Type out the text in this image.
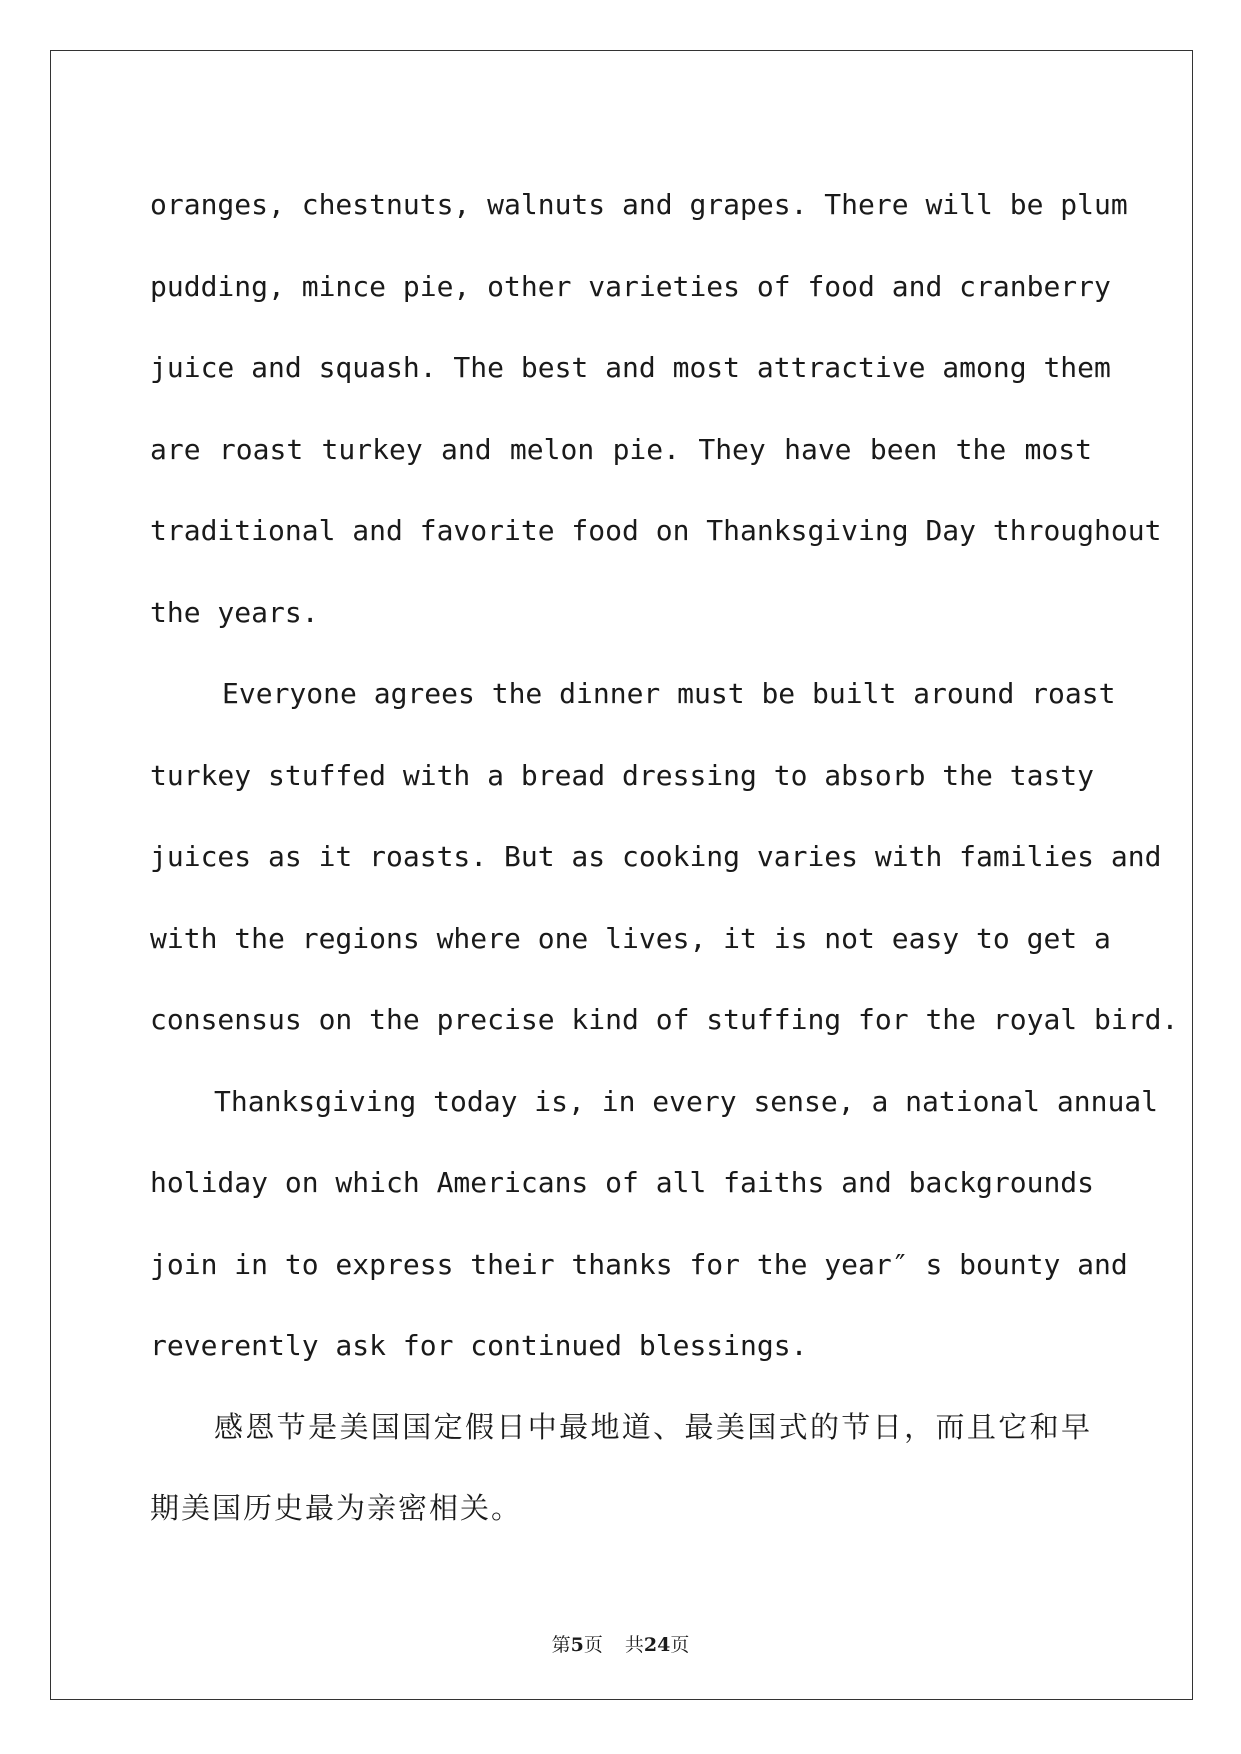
oranges, chestnuts, walnuts and grapes. There will be plum
pudding, mince pie, other varieties of food and cranberry
juice and squash. The best and most attractive among them
are roast turkey and melon pie. They have been the most
traditional and favorite food on Thanksgiving Day throughout
the years.
Everyone agrees the dinner must be built around roast
turkey stuffed with a bread dressing to absorb the tasty
juices as it roasts. But as cooking varies with families and
with the regions where one lives, it is not easy to get a
consensus on the precise kind of stuffing for the royal bird.
Thanksgiving today is, in every sense, a national annual
holiday on which Americans of all faiths and backgrounds
join in to express their thanks for the year″ s bounty and
reverently ask for continued blessings.
感恩节是美国国定假日中最地道、最美国式的节日，而且它和早
期美国历史最为亲密相关。
第5页 共24页
